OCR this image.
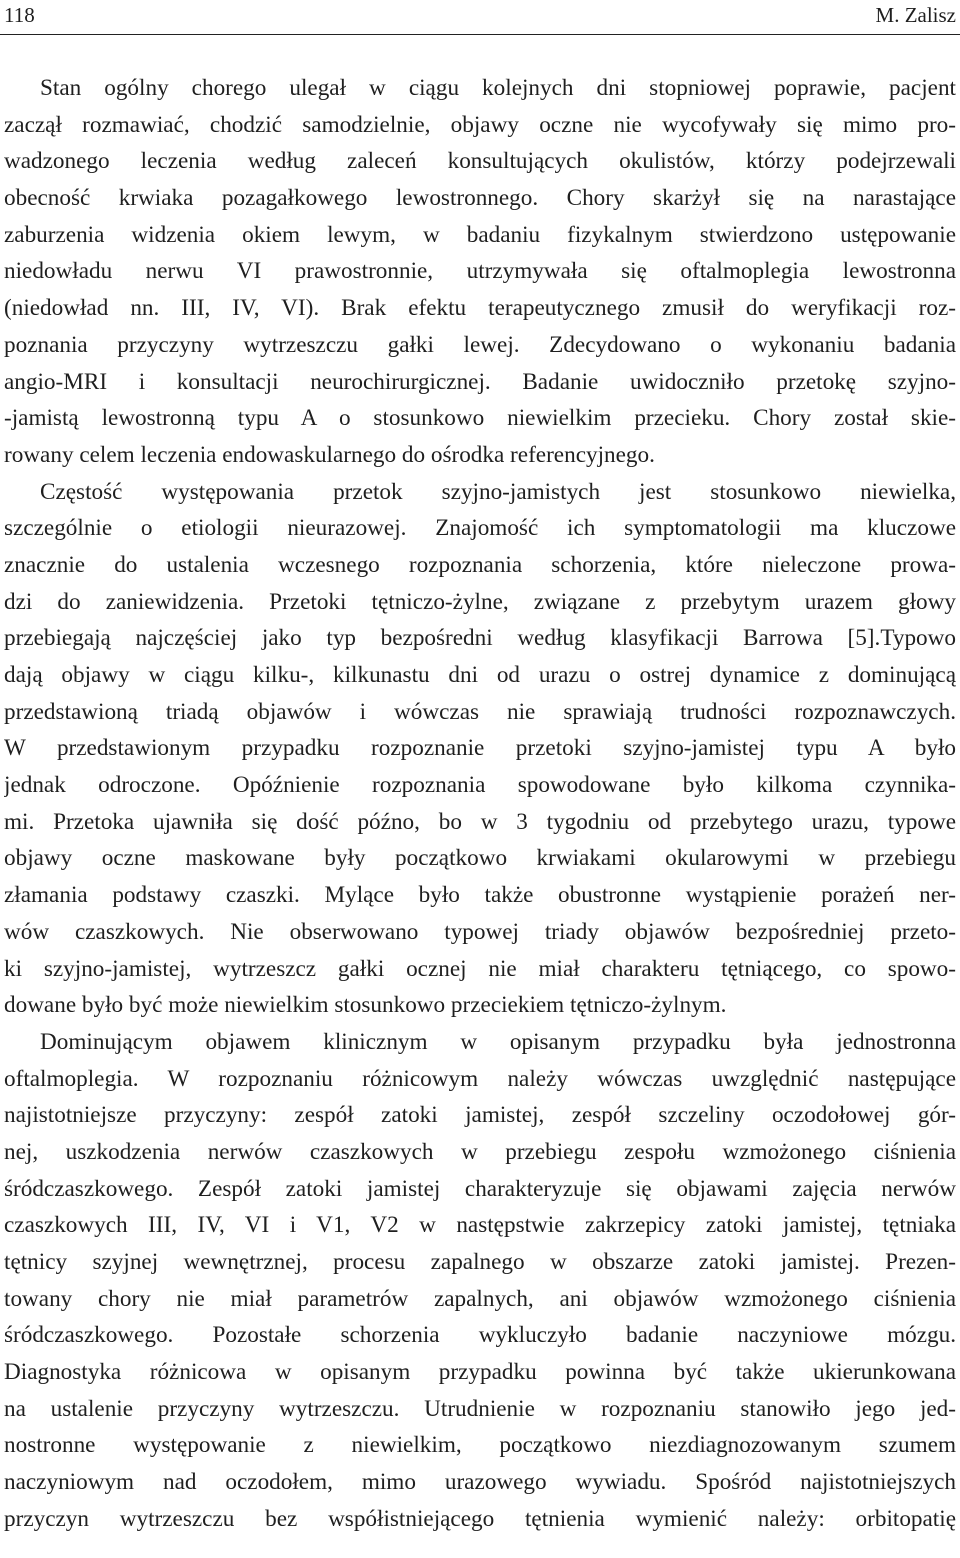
118	M. Zalisz
Stan ogólny chorego ulegał w ciągu kolejnych dni stopniowej poprawie, pacjent
zaczął rozmawiać, chodzić samodzielnie, objawy oczne nie wycofywały się mimo pro-
wadzonego leczenia według zaleceń konsultujących okulistów, którzy podejrzewali
obecność krwiaka pozagałkowego lewostronnego. Chory skarżył się na narastające
zaburzenia widzenia okiem lewym, w badaniu fizykalnym stwierdzono ustępowanie
niedowładu nerwu VI prawostronnie, utrzymywała się oftalmoplegia lewostronna
(niedowład nn. III, IV, VI). Brak efektu terapeutycznego zmusił do weryfikacji roz-
poznania przyczyny wytrzeszczu gałki lewej. Zdecydowano o wykonaniu badania
angio-MRI i konsultacji neurochirurgicznej. Badanie uwidoczniło przetokę szyjno-
-jamistą lewostronną typu A o stosunkowo niewielkim przecieku. Chory został skie-
rowany celem leczenia endowaskularnego do ośrodka referencyjnego.
Częstość występowania przetok szyjno-jamistych jest stosunkowo niewielka,
szczególnie o etiologii nieurazowej. Znajomość ich symptomatologii ma kluczowe
znacznie do ustalenia wczesnego rozpoznania schorzenia, które nieleczone prowa-
dzi do zaniewidzenia. Przetoki tętniczo-żylne, związane z przebytym urazem głowy
przebiegają najczęściej jako typ bezpośredni według klasyfikacji Barrowa [5].Typowo
dają objawy w ciągu kilku-, kilkunastu dni od urazu o ostrej dynamice z dominującą
przedstawioną triadą objawów i wówczas nie sprawiają trudności rozpoznawczych.
W przedstawionym przypadku rozpoznanie przetoki szyjno-jamistej typu A było
jednak odroczone. Opóźnienie rozpoznania spowodowane było kilkoma czynnika-
mi. Przetoka ujawniła się dość późno, bo w 3 tygodniu od przebytego urazu, typowe
objawy oczne maskowane były początkowo krwiakami okularowymi w przebiegu
złamania podstawy czaszki. Mylące było także obustronne wystąpienie porażeń ner-
wów czaszkowych. Nie obserwowano typowej triady objawów bezpośredniej przeto-
ki szyjno-jamistej, wytrzeszcz gałki ocznej nie miał charakteru tętniącego, co spowo-
dowane było być może niewielkim stosunkowo przeciekiem tętniczo-żylnym.
Dominującym objawem klinicznym w opisanym przypadku była jednostronna
oftalmoplegia. W rozpoznaniu różnicowym należy wówczas uwzględnić następujące
najistotniejsze przyczyny: zespół zatoki jamistej, zespół szczeliny oczodołowej gór-
nej, uszkodzenia nerwów czaszkowych w przebiegu zespołu wzmożonego ciśnienia
śródczaszkowego. Zespół zatoki jamistej charakteryzuje się objawami zajęcia nerwów
czaszkowych III, IV, VI i V1, V2 w następstwie zakrzepicy zatoki jamistej, tętniaka
tętnicy szyjnej wewnętrznej, procesu zapalnego w obszarze zatoki jamistej. Prezen-
towany chory nie miał parametrów zapalnych, ani objawów wzmożonego ciśnienia
śródczaszkowego. Pozostałe schorzenia wykluczyło badanie naczyniowe mózgu.
Diagnostyka różnicowa w opisanym przypadku powinna być także ukierunkowana
na ustalenie przyczyny wytrzeszczu. Utrudnienie w rozpoznaniu stanowiło jego jed-
nostronne występowanie z niewielkim, początkowo niezdiagnozowanym szumem
naczyniowym nad oczodołem, mimo urazowego wywiadu. Spośród najistotniejszych
przyczyn wytrzeszczu bez współistniejącego tętnienia wymienić należy: orbitopatię
